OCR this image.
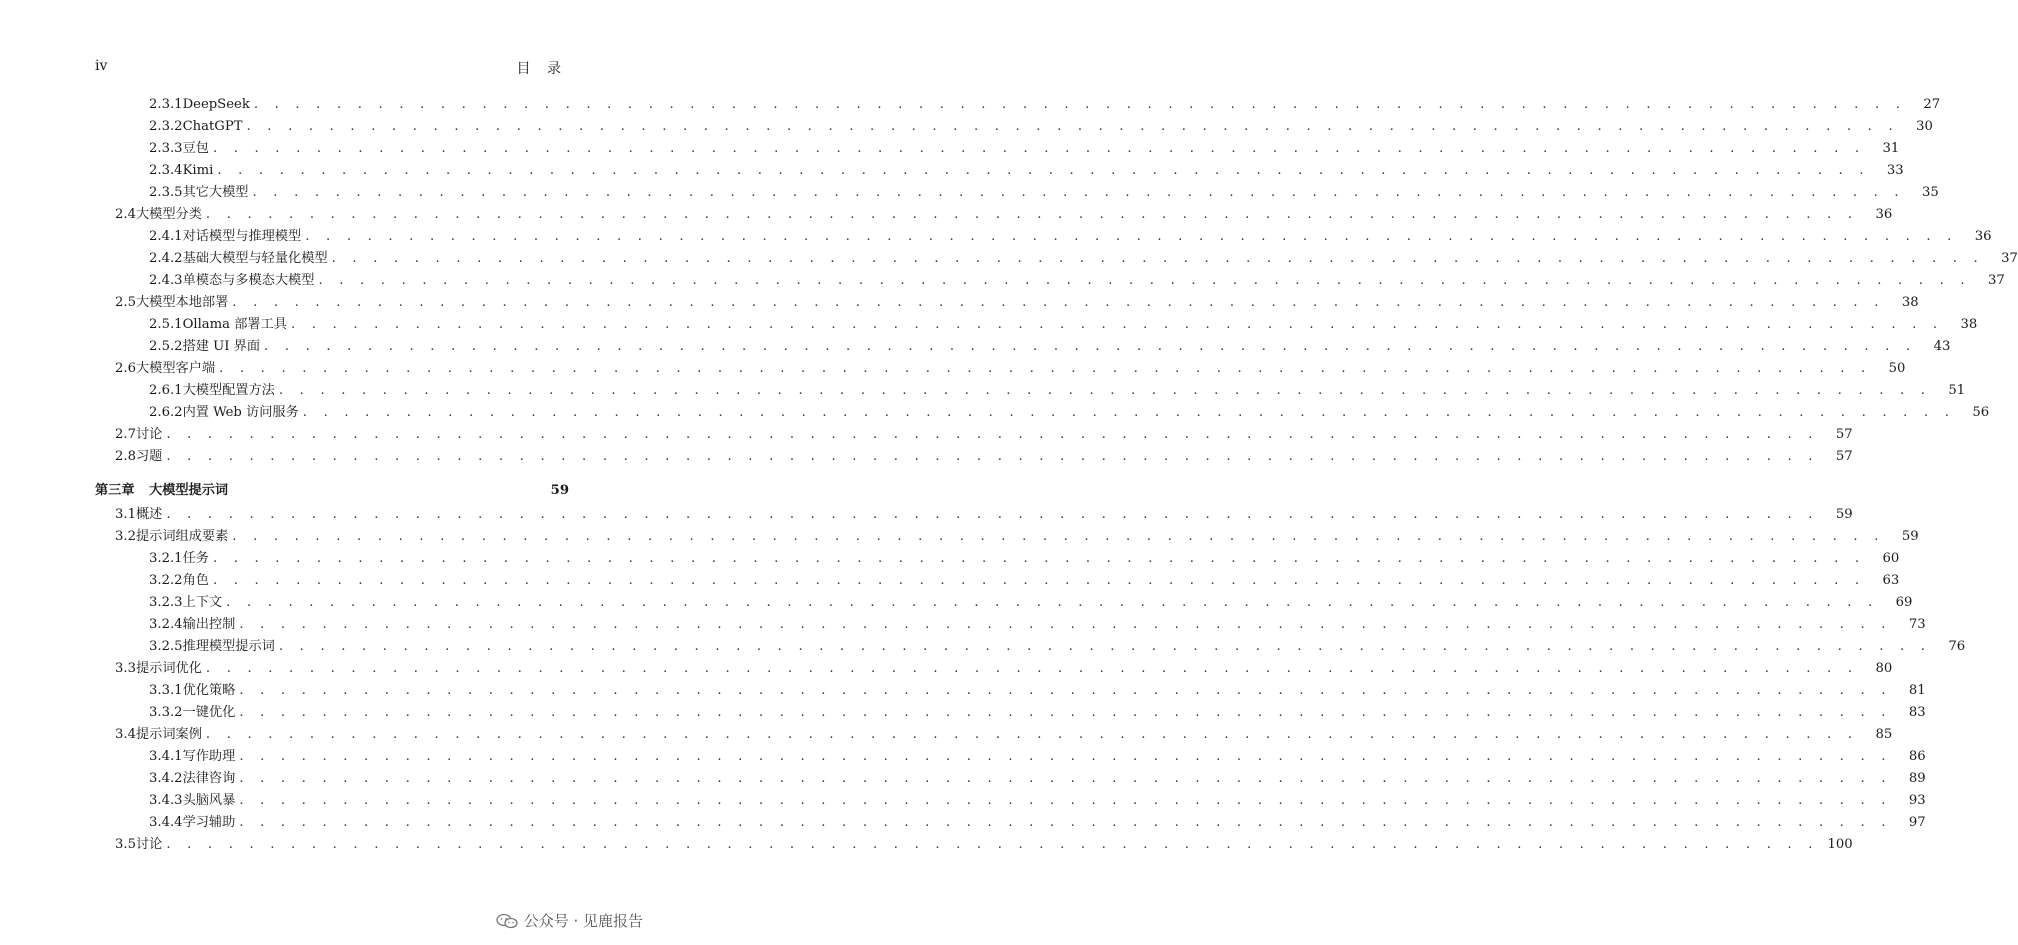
iv	目 录
2.3.1 DeepSeek . . . . . . . . . . . . . . . . . . . . . . . . . . . . . . . . . . . . . . . . . . . . . . . . . . . . . . . . . . . . . . . . . . . . . . . . . . . . . . . .	27
2.3.2 ChatGPT . . . . . . . . . . . . . . . . . . . . . . . . . . . . . . . . . . . . . . . . . . . . . . . . . . . . . . . . . . . . . . . . . . . . . . . . . . . . . . . .	30
2.3.3 豆包 . . . . . . . . . . . . . . . . . . . . . . . . . . . . . . . . . . . . . . . . . . . . . . . . . . . . . . . . . . . . . . . . . . . . . . . . . . . . . . . .	31
2.3.4 Kimi . . . . . . . . . . . . . . . . . . . . . . . . . . . . . . . . . . . . . . . . . . . . . . . . . . . . . . . . . . . . . . . . . . . . . . . . . . . . . . . .	33
2.3.5 其它大模型 . . . . . . . . . . . . . . . . . . . . . . . . . . . . . . . . . . . . . . . . . . . . . . . . . . . . . . . . . . . . . . . . . . . . . . . . . . . . . . . .	35
2.4 大模型分类 . . . . . . . . . . . . . . . . . . . . . . . . . . . . . . . . . . . . . . . . . . . . . . . . . . . . . . . . . . . . . . . . . . . . . . . . . . . . . . . .	36
2.4.1 对话模型与推理模型 . . . . . . . . . . . . . . . . . . . . . . . . . . . . . . . . . . . . . . . . . . . . . . . . . . . . . . . . . . . . . . . . . . . . . . . . . . . . . . . .	36
2.4.2 基础大模型与轻量化模型 . . . . . . . . . . . . . . . . . . . . . . . . . . . . . . . . . . . . . . . . . . . . . . . . . . . . . . . . . . . . . . . . . . . . . . . . . . . . . . . .	37
2.4.3 单模态与多模态大模型 . . . . . . . . . . . . . . . . . . . . . . . . . . . . . . . . . . . . . . . . . . . . . . . . . . . . . . . . . . . . . . . . . . . . . . . . . . . . . . . .	37
2.5 大模型本地部署 . . . . . . . . . . . . . . . . . . . . . . . . . . . . . . . . . . . . . . . . . . . . . . . . . . . . . . . . . . . . . . . . . . . . . . . . . . . . . . . .	38
2.5.1 Ollama 部署工具 . . . . . . . . . . . . . . . . . . . . . . . . . . . . . . . . . . . . . . . . . . . . . . . . . . . . . . . . . . . . . . . . . . . . . . . . . . . . . . . .	38
2.5.2 搭建 UI 界面 . . . . . . . . . . . . . . . . . . . . . . . . . . . . . . . . . . . . . . . . . . . . . . . . . . . . . . . . . . . . . . . . . . . . . . . . . . . . . . . .	43
2.6 大模型客户端 . . . . . . . . . . . . . . . . . . . . . . . . . . . . . . . . . . . . . . . . . . . . . . . . . . . . . . . . . . . . . . . . . . . . . . . . . . . . . . . .	50
2.6.1 大模型配置方法 . . . . . . . . . . . . . . . . . . . . . . . . . . . . . . . . . . . . . . . . . . . . . . . . . . . . . . . . . . . . . . . . . . . . . . . . . . . . . . . .	51
2.6.2 内置 Web 访问服务 . . . . . . . . . . . . . . . . . . . . . . . . . . . . . . . . . . . . . . . . . . . . . . . . . . . . . . . . . . . . . . . . . . . . . . . . . . . . . . . .	56
2.7 讨论 . . . . . . . . . . . . . . . . . . . . . . . . . . . . . . . . . . . . . . . . . . . . . . . . . . . . . . . . . . . . . . . . . . . . . . . . . . . . . . . .	57
2.8 习题 . . . . . . . . . . . . . . . . . . . . . . . . . . . . . . . . . . . . . . . . . . . . . . . . . . . . . . . . . . . . . . . . . . . . . . . . . . . . . . . .	57
第三章	大模型提示词	59
3.1 概述 . . . . . . . . . . . . . . . . . . . . . . . . . . . . . . . . . . . . . . . . . . . . . . . . . . . . . . . . . . . . . . . . . . . . . . . . . . . . . . . .	59
3.2 提示词组成要素 . . . . . . . . . . . . . . . . . . . . . . . . . . . . . . . . . . . . . . . . . . . . . . . . . . . . . . . . . . . . . . . . . . . . . . . . . . . . . . . .	59
3.2.1 任务 . . . . . . . . . . . . . . . . . . . . . . . . . . . . . . . . . . . . . . . . . . . . . . . . . . . . . . . . . . . . . . . . . . . . . . . . . . . . . . . .	60
3.2.2 角色 . . . . . . . . . . . . . . . . . . . . . . . . . . . . . . . . . . . . . . . . . . . . . . . . . . . . . . . . . . . . . . . . . . . . . . . . . . . . . . . .	63
3.2.3 上下文 . . . . . . . . . . . . . . . . . . . . . . . . . . . . . . . . . . . . . . . . . . . . . . . . . . . . . . . . . . . . . . . . . . . . . . . . . . . . . . . .	69
3.2.4 输出控制 . . . . . . . . . . . . . . . . . . . . . . . . . . . . . . . . . . . . . . . . . . . . . . . . . . . . . . . . . . . . . . . . . . . . . . . . . . . . . . . .	73
3.2.5 推理模型提示词 . . . . . . . . . . . . . . . . . . . . . . . . . . . . . . . . . . . . . . . . . . . . . . . . . . . . . . . . . . . . . . . . . . . . . . . . . . . . . . . .	76
3.3 提示词优化 . . . . . . . . . . . . . . . . . . . . . . . . . . . . . . . . . . . . . . . . . . . . . . . . . . . . . . . . . . . . . . . . . . . . . . . . . . . . . . . .	80
3.3.1 优化策略 . . . . . . . . . . . . . . . . . . . . . . . . . . . . . . . . . . . . . . . . . . . . . . . . . . . . . . . . . . . . . . . . . . . . . . . . . . . . . . . .	81
3.3.2 一键优化 . . . . . . . . . . . . . . . . . . . . . . . . . . . . . . . . . . . . . . . . . . . . . . . . . . . . . . . . . . . . . . . . . . . . . . . . . . . . . . . .	83
3.4 提示词案例 . . . . . . . . . . . . . . . . . . . . . . . . . . . . . . . . . . . . . . . . . . . . . . . . . . . . . . . . . . . . . . . . . . . . . . . . . . . . . . . .	85
3.4.1 写作助理 . . . . . . . . . . . . . . . . . . . . . . . . . . . . . . . . . . . . . . . . . . . . . . . . . . . . . . . . . . . . . . . . . . . . . . . . . . . . . . . .	86
3.4.2 法律咨询 . . . . . . . . . . . . . . . . . . . . . . . . . . . . . . . . . . . . . . . . . . . . . . . . . . . . . . . . . . . . . . . . . . . . . . . . . . . . . . . .	89
3.4.3 头脑风暴 . . . . . . . . . . . . . . . . . . . . . . . . . . . . . . . . . . . . . . . . . . . . . . . . . . . . . . . . . . . . . . . . . . . . . . . . . . . . . . . .	93
3.4.4 学习辅助 . . . . . . . . . . . . . . . . . . . . . . . . . . . . . . . . . . . . . . . . . . . . . . . . . . . . . . . . . . . . . . . . . . . . . . . . . . . . . . . .	97
3.5 讨论 . . . . . . . . . . . . . . . . . . . . . . . . . . . . . . . . . . . . . . . . . . . . . . . . . . . . . . . . . . . . . . . . . . . . . . . . . . . . . . . . 100
公众号 · 见鹿报告
